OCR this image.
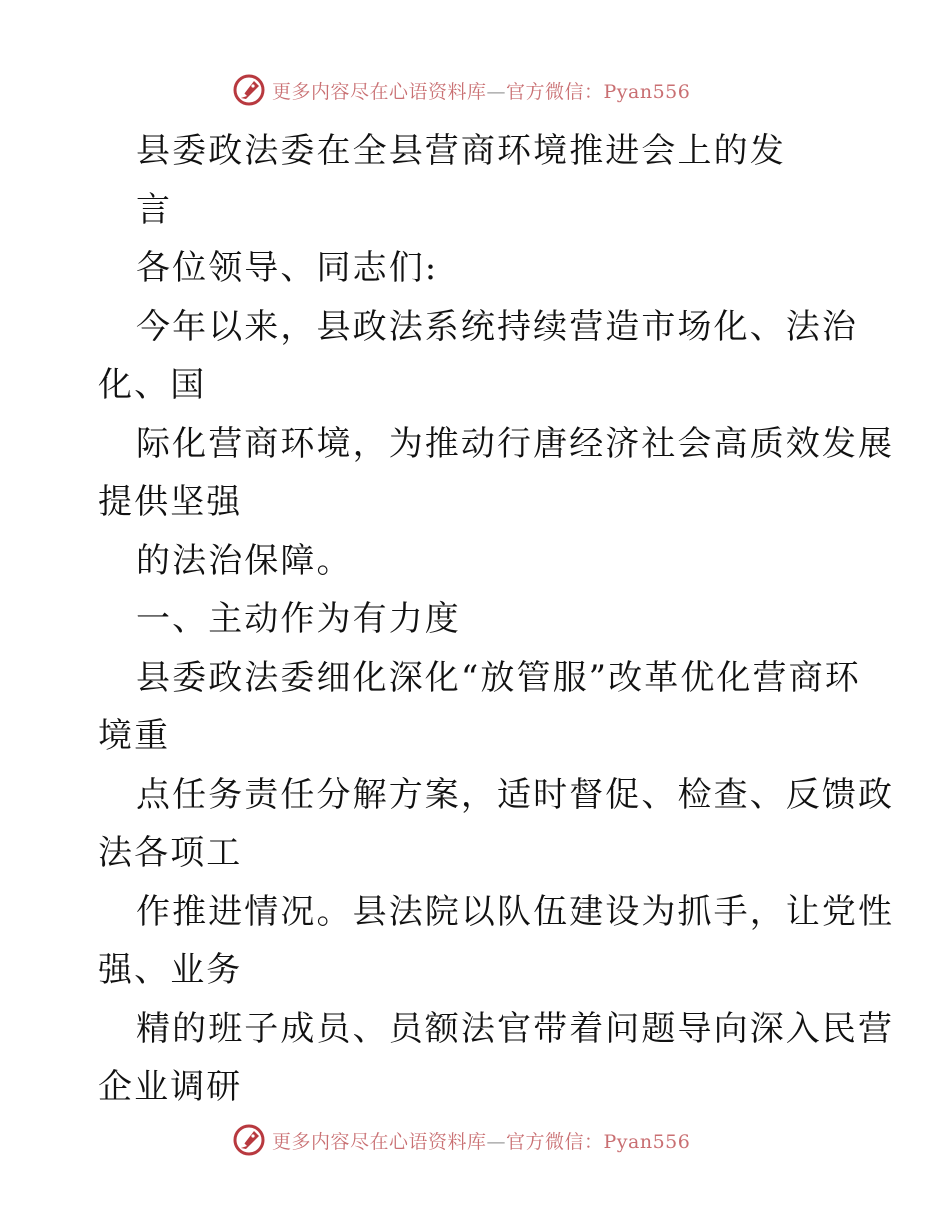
更多内容尽在心语资料库—官方微信：Pyan556
县委政法委在全县营商环境推进会上的发
言
各位领导、同志们:
今年以来，县政法系统持续营造市场化、法治
化、国
际化营商环境，为推动行唐经济社会高质效发展
提供坚强
的法治保障。
一、主动作为有力度
县委政法委细化深化“放管服”改革优化营商环
境重
点任务责任分解方案，适时督促、检查、反馈政
法各项工
作推进情况。县法院以队伍建设为抓手，让党性
强、业务
精的班子成员、员额法官带着问题导向深入民营
企业调研
更多内容尽在心语资料库—官方微信：Pyan556
